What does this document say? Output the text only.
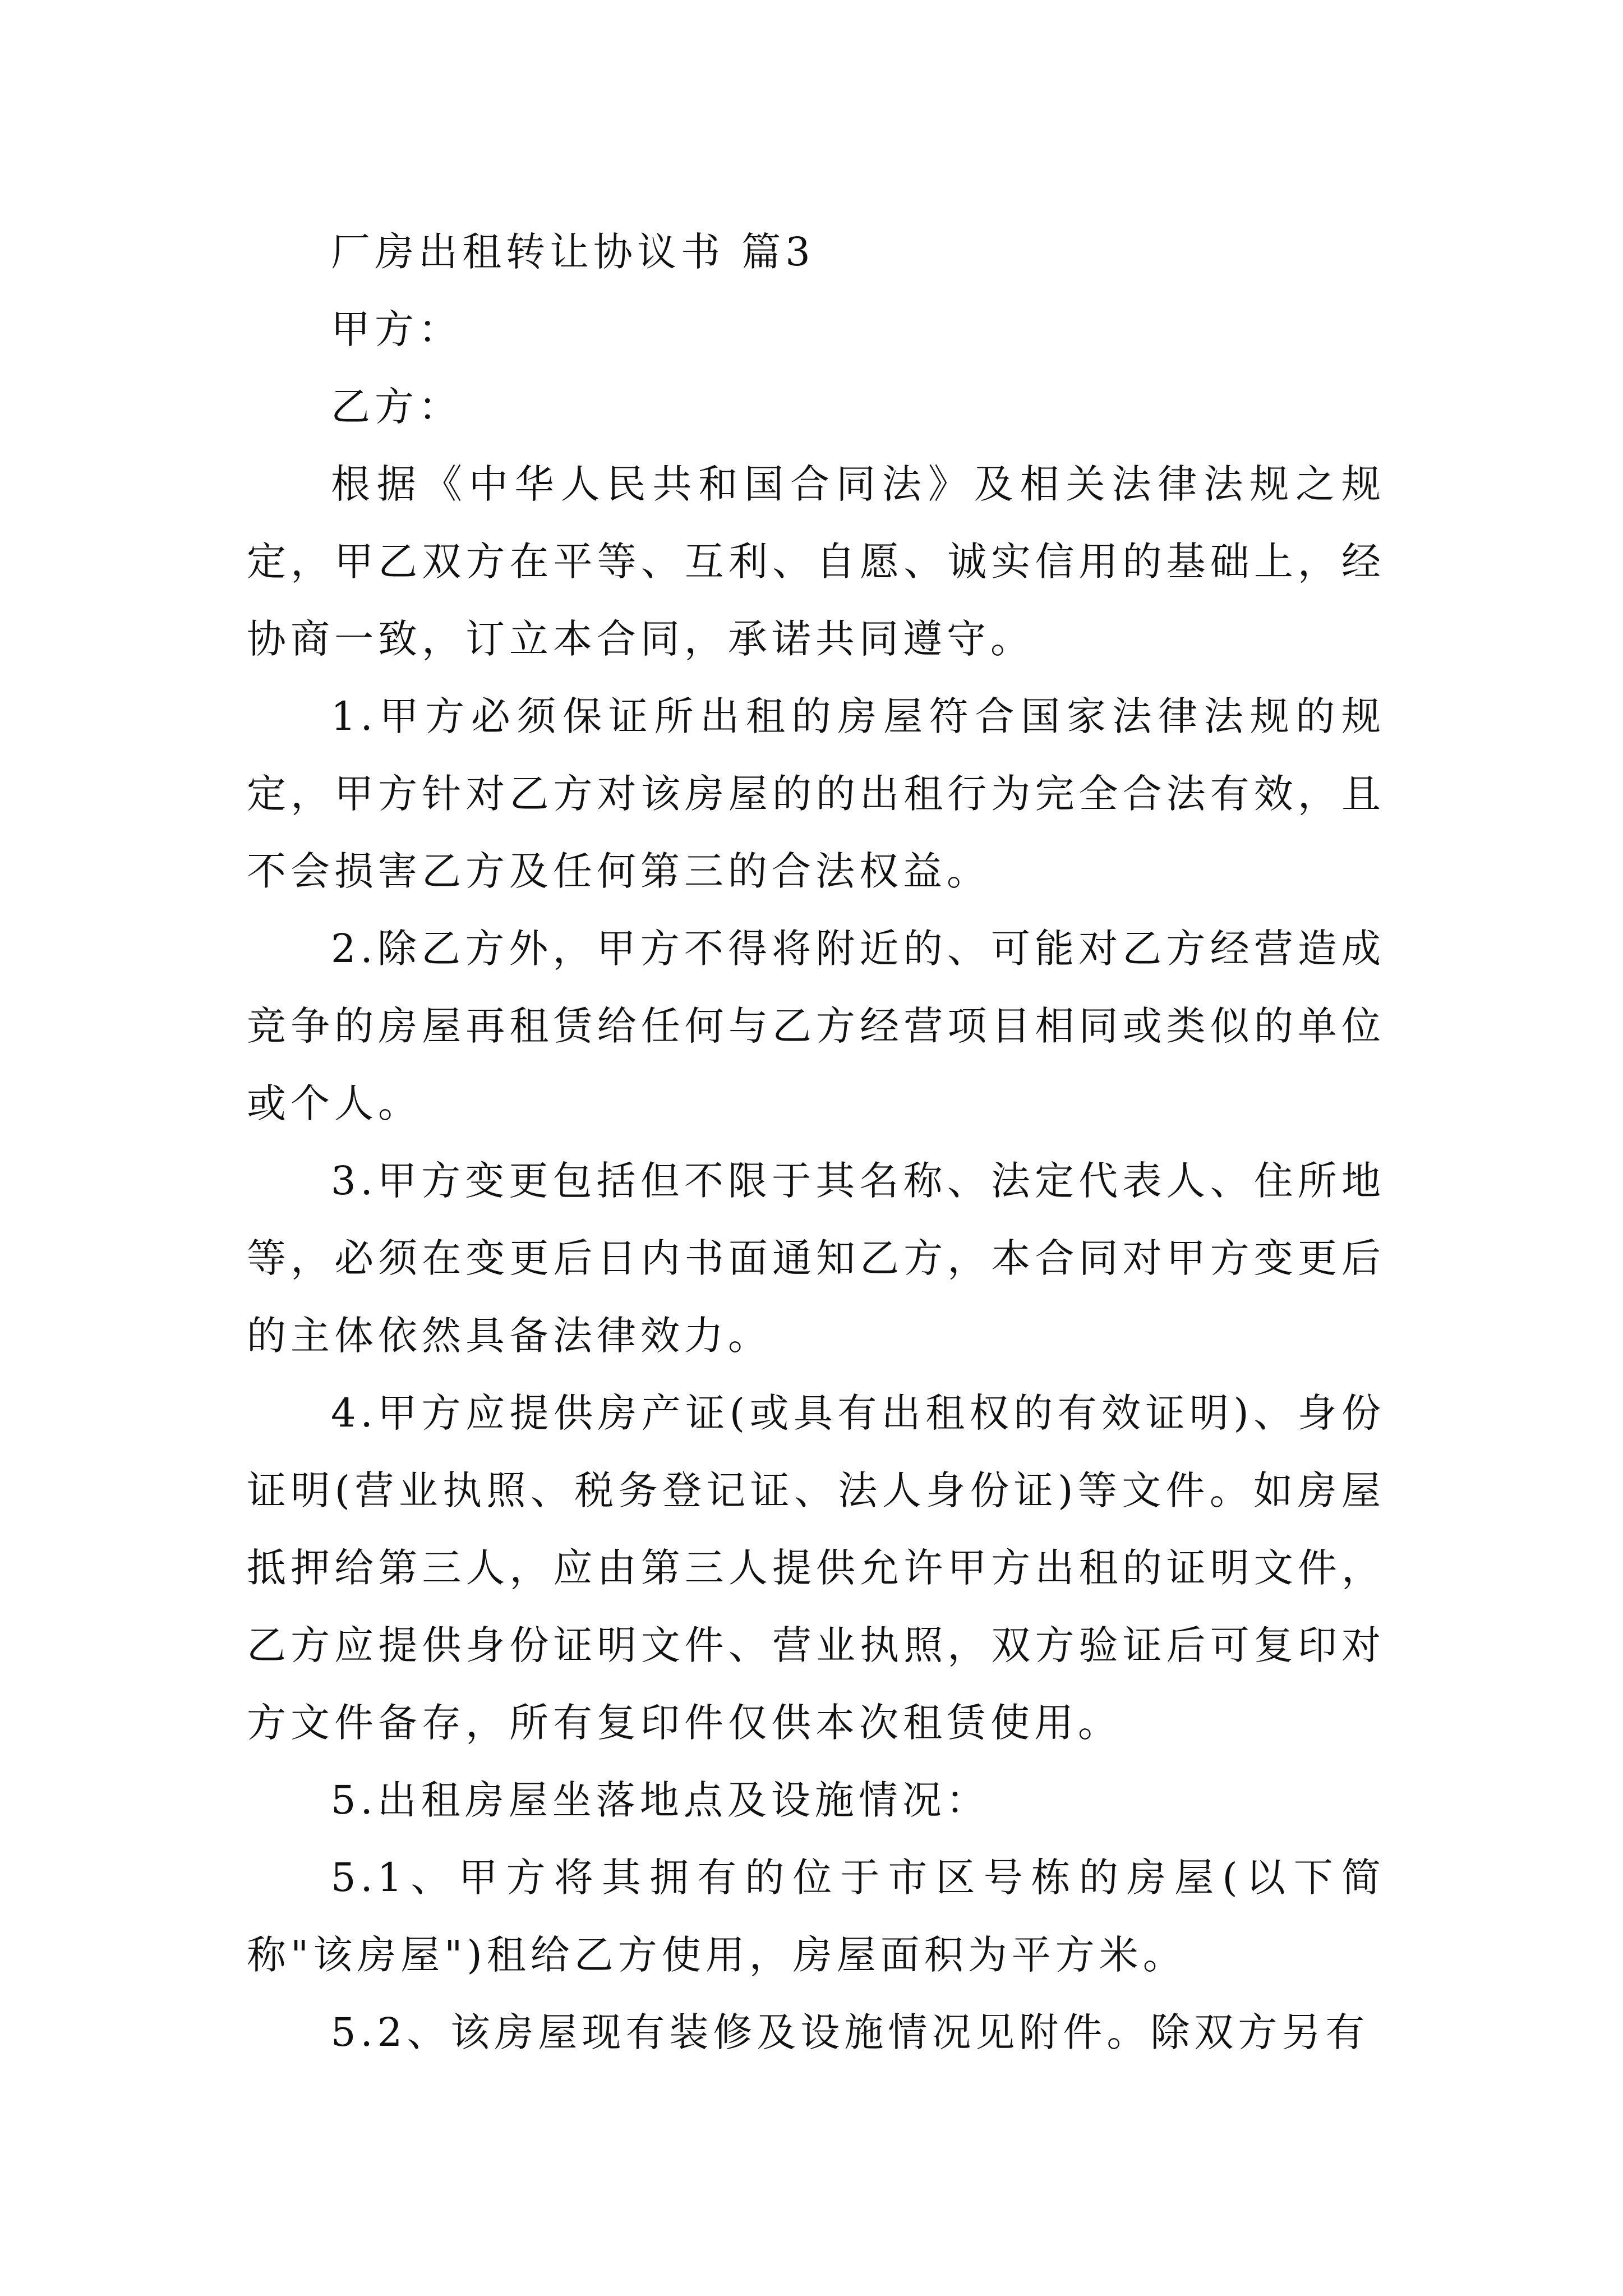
厂房出租转让协议书 篇3

甲方：

乙方：

根据《中华人民共和国合同法》及相关法律法规之规定，甲乙双方在平等、互利、自愿、诚实信用的基础上，经协商一致，订立本合同，承诺共同遵守。

1.甲方必须保证所出租的房屋符合国家法律法规的规定，甲方针对乙方对该房屋的的出租行为完全合法有效，且不会损害乙方及任何第三的合法权益。

2.除乙方外，甲方不得将附近的、可能对乙方经营造成竞争的房屋再租赁给任何与乙方经营项目相同或类似的单位或个人。

3.甲方变更包括但不限于其名称、法定代表人、住所地等，必须在变更后日内书面通知乙方，本合同对甲方变更后的主体依然具备法律效力。

4.甲方应提供房产证(或具有出租权的有效证明)、身份证明(营业执照、税务登记证、法人身份证)等文件。如房屋抵押给第三人，应由第三人提供允许甲方出租的证明文件，乙方应提供身份证明文件、营业执照，双方验证后可复印对方文件备存，所有复印件仅供本次租赁使用。

5.出租房屋坐落地点及设施情况：

5.1、甲方将其拥有的位于市区号栋的房屋(以下简称"该房屋")租给乙方使用，房屋面积为平方米。

5.2、该房屋现有装修及设施情况见附件。除双方另有
